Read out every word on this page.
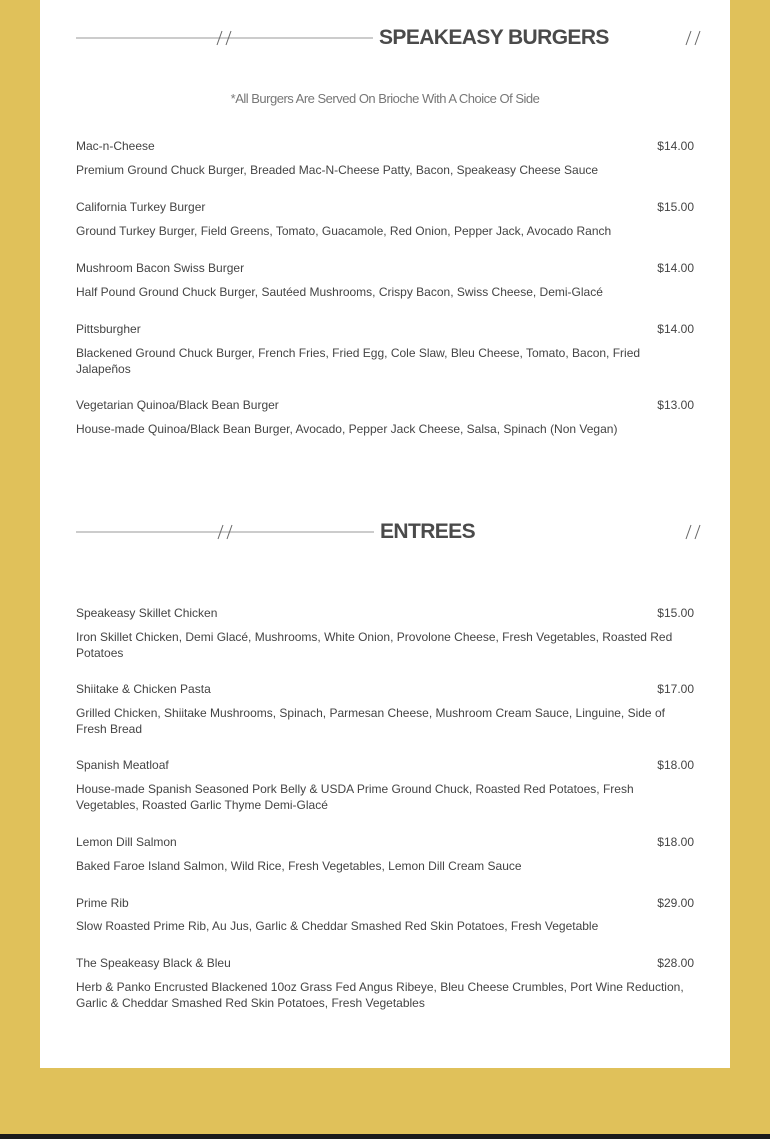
SPEAKEASY BURGERS
*All Burgers Are Served On Brioche With A Choice Of Side
Mac-n-Cheese	$14.00
Premium Ground Chuck Burger, Breaded Mac-N-Cheese Patty, Bacon, Speakeasy Cheese Sauce
California Turkey Burger	$15.00
Ground Turkey Burger, Field Greens, Tomato, Guacamole, Red Onion, Pepper Jack, Avocado Ranch
Mushroom Bacon Swiss Burger	$14.00
Half Pound Ground Chuck Burger, Sautéed Mushrooms, Crispy Bacon, Swiss Cheese, Demi-Glacé
Pittsburgher	$14.00
Blackened Ground Chuck Burger, French Fries, Fried Egg, Cole Slaw, Bleu Cheese, Tomato, Bacon, Fried Jalapeños
Vegetarian Quinoa/Black Bean Burger	$13.00
House-made Quinoa/Black Bean Burger, Avocado, Pepper Jack Cheese, Salsa, Spinach (Non Vegan)
ENTREES
Speakeasy Skillet Chicken	$15.00
Iron Skillet Chicken, Demi Glacé, Mushrooms, White Onion, Provolone Cheese, Fresh Vegetables, Roasted Red Potatoes
Shiitake & Chicken Pasta	$17.00
Grilled Chicken, Shiitake Mushrooms, Spinach, Parmesan Cheese, Mushroom Cream Sauce, Linguine, Side of Fresh Bread
Spanish Meatloaf	$18.00
House-made Spanish Seasoned Pork Belly & USDA Prime Ground Chuck, Roasted Red Potatoes, Fresh Vegetables, Roasted Garlic Thyme Demi-Glacé
Lemon Dill Salmon	$18.00
Baked Faroe Island Salmon, Wild Rice, Fresh Vegetables, Lemon Dill Cream Sauce
Prime Rib	$29.00
Slow Roasted Prime Rib, Au Jus, Garlic & Cheddar Smashed Red Skin Potatoes, Fresh Vegetable
The Speakeasy Black & Bleu	$28.00
Herb & Panko Encrusted Blackened 10oz Grass Fed Angus Ribeye, Bleu Cheese Crumbles, Port Wine Reduction, Garlic & Cheddar Smashed Red Skin Potatoes, Fresh Vegetables
